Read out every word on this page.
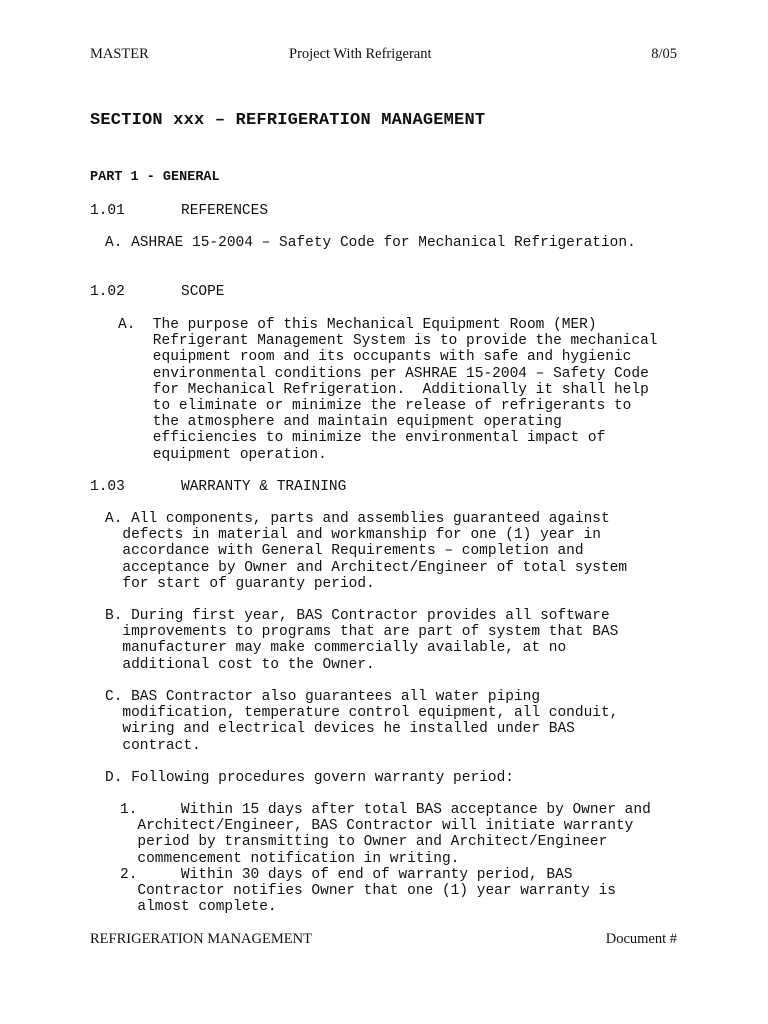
MASTER	Project With Refrigerant	8/05
SECTION xxx – REFRIGERATION MANAGEMENT
PART 1 - GENERAL
1.01	REFERENCES
A. ASHRAE 15-2004 – Safety Code for Mechanical Refrigeration.
1.02	SCOPE
A.  The purpose of this Mechanical Equipment Room (MER)
Refrigerant Management System is to provide the mechanical
equipment room and its occupants with safe and hygienic
environmental conditions per ASHRAE 15-2004 – Safety Code
for Mechanical Refrigeration.  Additionally it shall help
to eliminate or minimize the release of refrigerants to
the atmosphere and maintain equipment operating
efficiencies to minimize the environmental impact of
equipment operation.
1.03	WARRANTY & TRAINING
A. All components, parts and assemblies guaranteed against
defects in material and workmanship for one (1) year in
accordance with General Requirements – completion and
acceptance by Owner and Architect/Engineer of total system
for start of guaranty period.
B. During first year, BAS Contractor provides all software
improvements to programs that are part of system that BAS
manufacturer may make commercially available, at no
additional cost to the Owner.
C. BAS Contractor also guarantees all water piping
modification, temperature control equipment, all conduit,
wiring and electrical devices he installed under BAS
contract.
D. Following procedures govern warranty period:
1.     Within 15 days after total BAS acceptance by Owner and
Architect/Engineer, BAS Contractor will initiate warranty
period by transmitting to Owner and Architect/Engineer
commencement notification in writing.
2.     Within 30 days of end of warranty period, BAS
Contractor notifies Owner that one (1) year warranty is
almost complete.
REFRIGERATION MANAGEMENT	Document #
